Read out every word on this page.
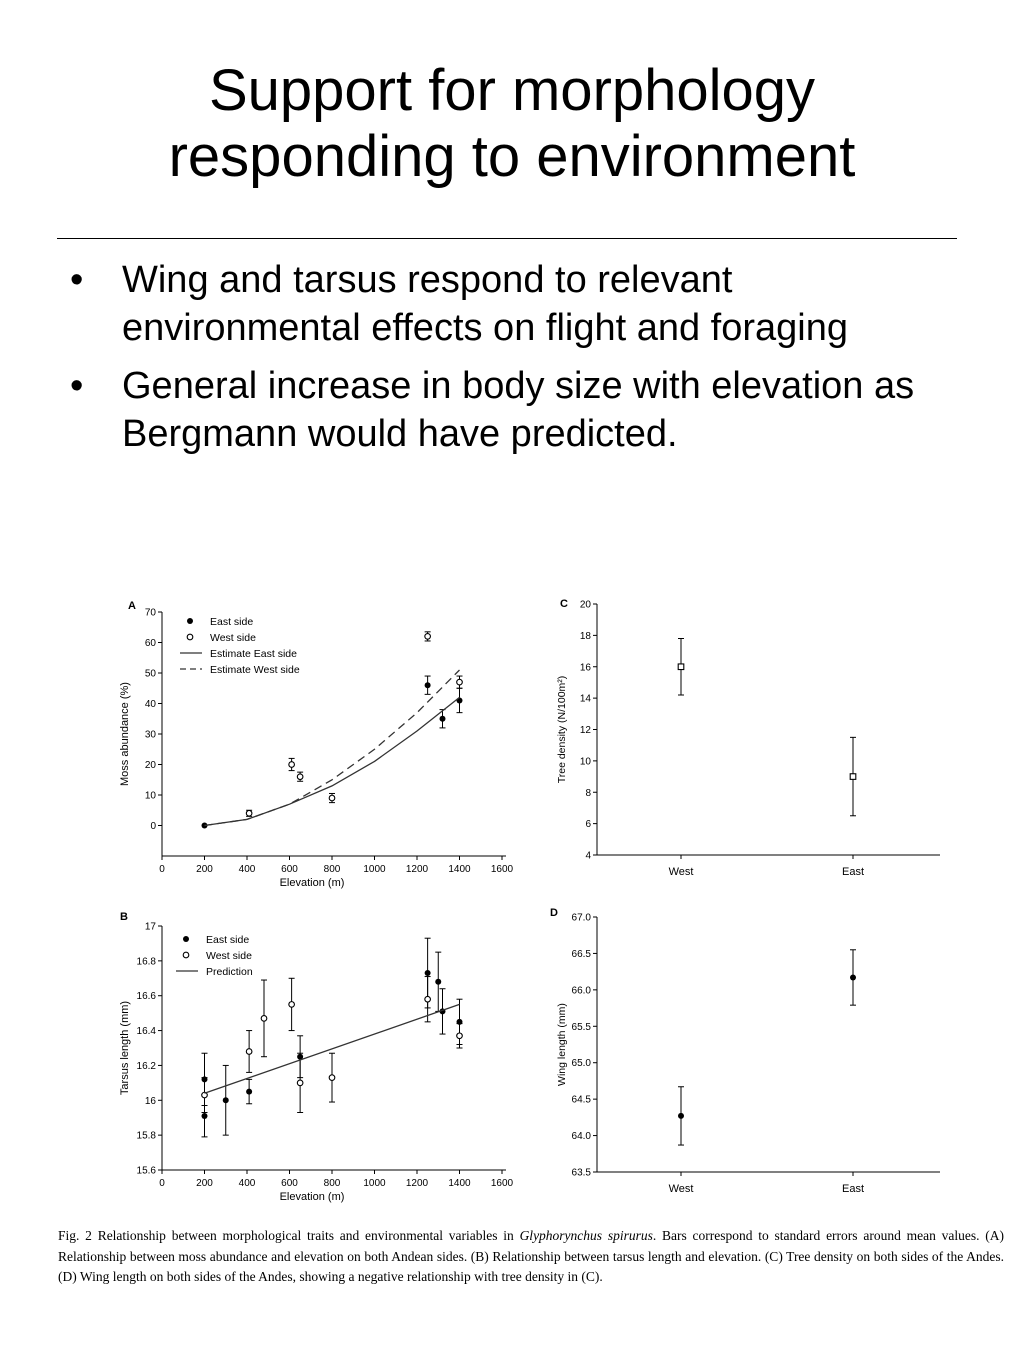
Support for morphology
responding to environment
•	Wing and tarsus respond to relevant environmental effects on flight and foraging
•	General increase in body size with elevation as Bergmann would have predicted.
A
0	200	400	600	800 1000 1200 1400 1600
0
10
20
30
40
50
60
70
Elevation (m)
Moss abundance (%)
East side
West side
Estimate East side
Estimate West side
B
0	200	400	600	800 1000 1200 1400 1600
15.6
15.8
16
16.2
16.4
16.6
16.8
17
Elevation (m)
Tarsus length (mm)
East side
West side
Prediction
C
4
6
8
10
12
14
16
18
20
West	East
Tree density (N/100m²)
D
63.5
64.0
64.5
65.0
65.5
66.0
66.5
67.0
West	East
Wing length (mm)
Fig. 2 Relationship between morphological traits and environmental variables in Glyphorynchus spirurus. Bars correspond to standard errors around mean values. (A) Relationship between moss abundance and elevation on both Andean sides. (B) Relationship between tarsus length and elevation. (C) Tree density on both sides of the Andes. (D) Wing length on both sides of the Andes, showing a negative relationship with tree density in (C).
